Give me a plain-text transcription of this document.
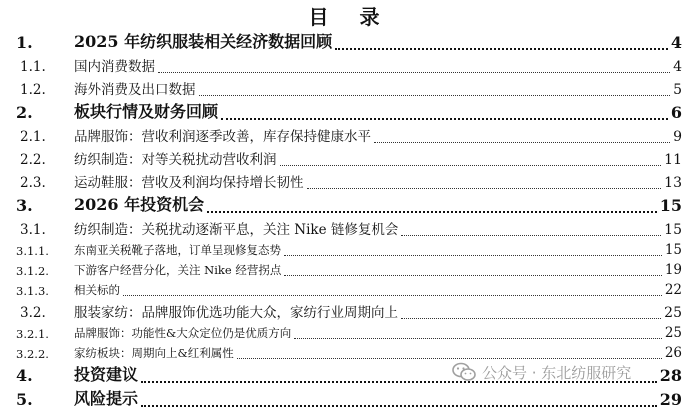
目 录
1.	2025 年纺织服装相关经济数据回顾	4
1.1. 国内消费数据	4
1.2. 海外消费及出口数据	5
2.	板块行情及财务回顾	6
2.1. 品牌服饰：营收利润逐季改善，库存保持健康水平	9
2.2. 纺织制造：对等关税扰动营收利润	11
2.3. 运动鞋服：营收及利润均保持增长韧性	13
3.	2026 年投资机会	15
3.1. 纺织制造：关税扰动逐渐平息，关注 Nike 链修复机会	15
3.1.1. 东南亚关税靴子落地，订单呈现修复态势	15
3.1.2. 下游客户经营分化，关注 Nike 经营拐点	19
3.1.3. 相关标的	22
3.2. 服装家纺：品牌服饰优选功能大众，家纺行业周期向上	25
3.2.1. 品牌服饰：功能性&大众定位仍是优质方向	25
3.2.2. 家纺板块：周期向上&红利属性	26
4.	投资建议	28
5.	风险提示	29
公众号 · 东北纺服研究
